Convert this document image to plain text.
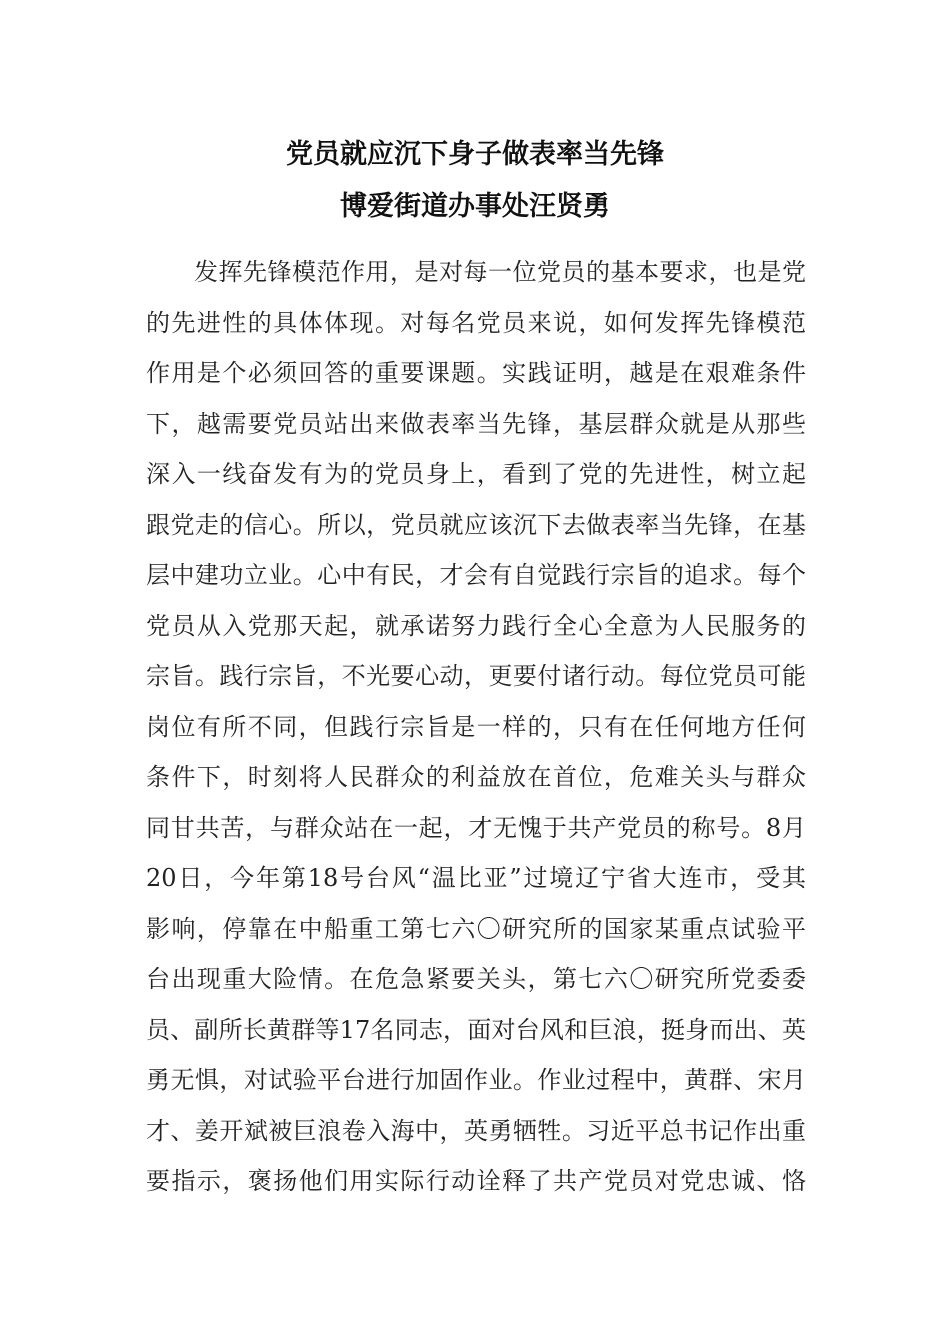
党员就应沉下身子做表率当先锋
博爱街道办事处汪贤勇
发挥先锋模范作用，是对每一位党员的基本要求，也是党
的先进性的具体体现。对每名党员来说，如何发挥先锋模范
作用是个必须回答的重要课题。实践证明，越是在艰难条件
下，越需要党员站出来做表率当先锋，基层群众就是从那些
深入一线奋发有为的党员身上，看到了党的先进性，树立起
跟党走的信心。所以，党员就应该沉下去做表率当先锋，在基
层中建功立业。心中有民，才会有自觉践行宗旨的追求。每个
党员从入党那天起，就承诺努力践行全心全意为人民服务的
宗旨。践行宗旨，不光要心动，更要付诸行动。每位党员可能
岗位有所不同，但践行宗旨是一样的，只有在任何地方任何
条件下，时刻将人民群众的利益放在首位，危难关头与群众
同甘共苦，与群众站在一起，才无愧于共产党员的称号。8月
20日，今年第18号台风“温比亚”过境辽宁省大连市，受其
影响，停靠在中船重工第七六〇研究所的国家某重点试验平
台出现重大险情。在危急紧要关头，第七六〇研究所党委委
员、副所长黄群等17名同志，面对台风和巨浪，挺身而出、英
勇无惧，对试验平台进行加固作业。作业过程中，黄群、宋月
才、姜开斌被巨浪卷入海中，英勇牺牲。习近平总书记作出重
要指示，褒扬他们用实际行动诠释了共产党员对党忠诚、恪
